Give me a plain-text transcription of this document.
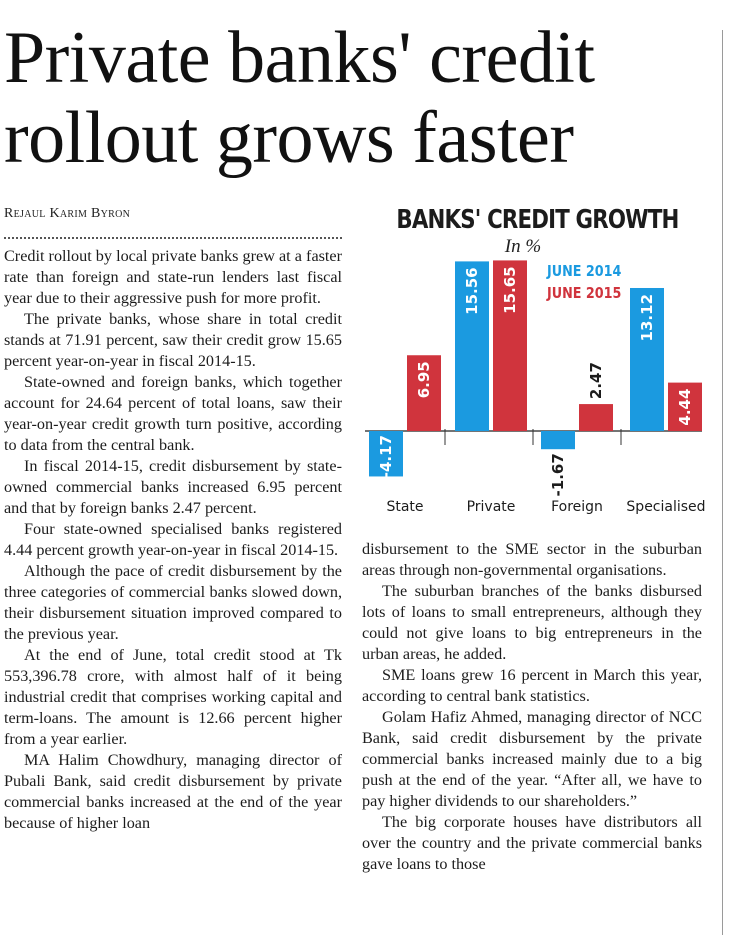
Private banks' credit rollout grows faster
Rejaul Karim Byron

Credit rollout by local private banks grew at a faster rate than foreign and state-run lenders last fiscal year due to their aggressive push for more profit.

The private banks, whose share in total credit stands at 71.91 percent, saw their credit grow 15.65 percent year-on-year in fiscal 2014-15.

State-owned and foreign banks, which together account for 24.64 percent of total loans, saw their year-on-year credit growth turn positive, according to data from the central bank.

In fiscal 2014-15, credit disbursement by state-owned commercial banks increased 6.95 percent and that by foreign banks 2.47 percent.

Four state-owned specialised banks registered 4.44 percent growth year-on-year in fiscal 2014-15.

Although the pace of credit disbursement by the three categories of commercial banks slowed down, their disbursement situation improved compared to the previous year.

At the end of June, total credit stood at Tk 553,396.78 crore, with almost half of it being industrial credit that comprises working capital and term-loans. The amount is 12.66 percent higher from a year earlier.

MA Halim Chowdhury, managing director of Pubali Bank, said credit disbursement by private commercial banks increased at the end of the year because of higher loan

disbursement to the SME sector in the suburban areas through non-governmental organisations.

The suburban branches of the banks disbursed lots of loans to small entrepreneurs, although they could not give loans to big entrepreneurs in the urban areas, he added.

SME loans grew 16 percent in March this year, according to central bank statistics.

Golam Hafiz Ahmed, managing director of NCC Bank, said credit disbursement by the private commercial banks increased mainly due to a big push at the end of the year. “After all, we have to pay higher dividends to our shareholders.”

The big corporate houses have distributors all over the country and the private commercial banks gave loans to those

BANKS' CREDIT GROWTH
In %
JUNE 2014
JUNE 2015
-4.17
6.95
State
15.56 15.65
Private
-1.67
2.47
Foreign
13.12
4.44
Specialised
